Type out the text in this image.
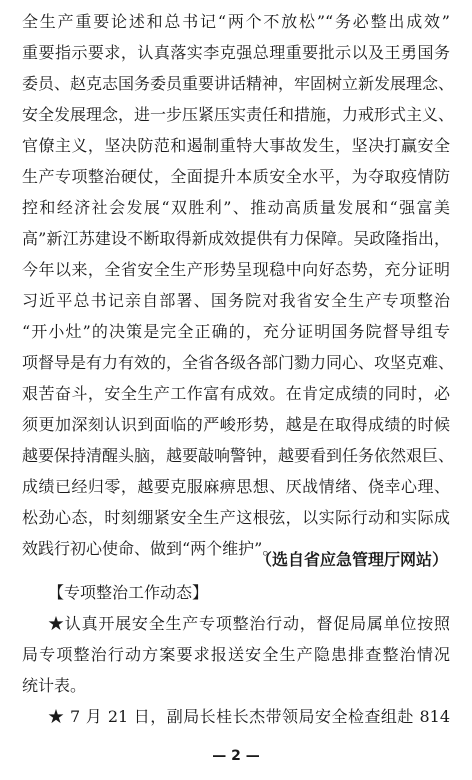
全生产重要论述和总书记“两个不放松”“务必整出成效”
重要指示要求，认真落实李克强总理重要批示以及王勇国务
委员、赵克志国务委员重要讲话精神，牢固树立新发展理念、
安全发展理念，进一步压紧压实责任和措施，力戒形式主义、
官僚主义，坚决防范和遏制重特大事故发生，坚决打赢安全
生产专项整治硬仗，全面提升本质安全水平，为夺取疫情防
控和经济社会发展“双胜利”、推动高质量发展和“强富美
高”新江苏建设不断取得新成效提供有力保障。吴政隆指出，
今年以来，全省安全生产形势呈现稳中向好态势，充分证明
习近平总书记亲自部署、国务院对我省安全生产专项整治
“开小灶”的决策是完全正确的，充分证明国务院督导组专
项督导是有力有效的，全省各级各部门勠力同心、攻坚克难、
艰苦奋斗，安全生产工作富有成效。在肯定成绩的同时，必
须更加深刻认识到面临的严峻形势，越是在取得成绩的时候
越要保持清醒头脑，越要敲响警钟，越要看到任务依然艰巨、
成绩已经归零，越要克服麻痹思想、厌战情绪、侥幸心理、
松劲心态，时刻绷紧安全生产这根弦，以实际行动和实际成
效践行初心使命、做到“两个维护”。
（选自省应急管理厅网站）
【专项整治工作动态】
★认真开展安全生产专项整治行动，督促局属单位按照
局专项整治行动方案要求报送安全生产隐患排查整治情况
统计表。
★ 7 月 21 日，副局长桂长杰带领局安全检查组赴 814
— 2 —
